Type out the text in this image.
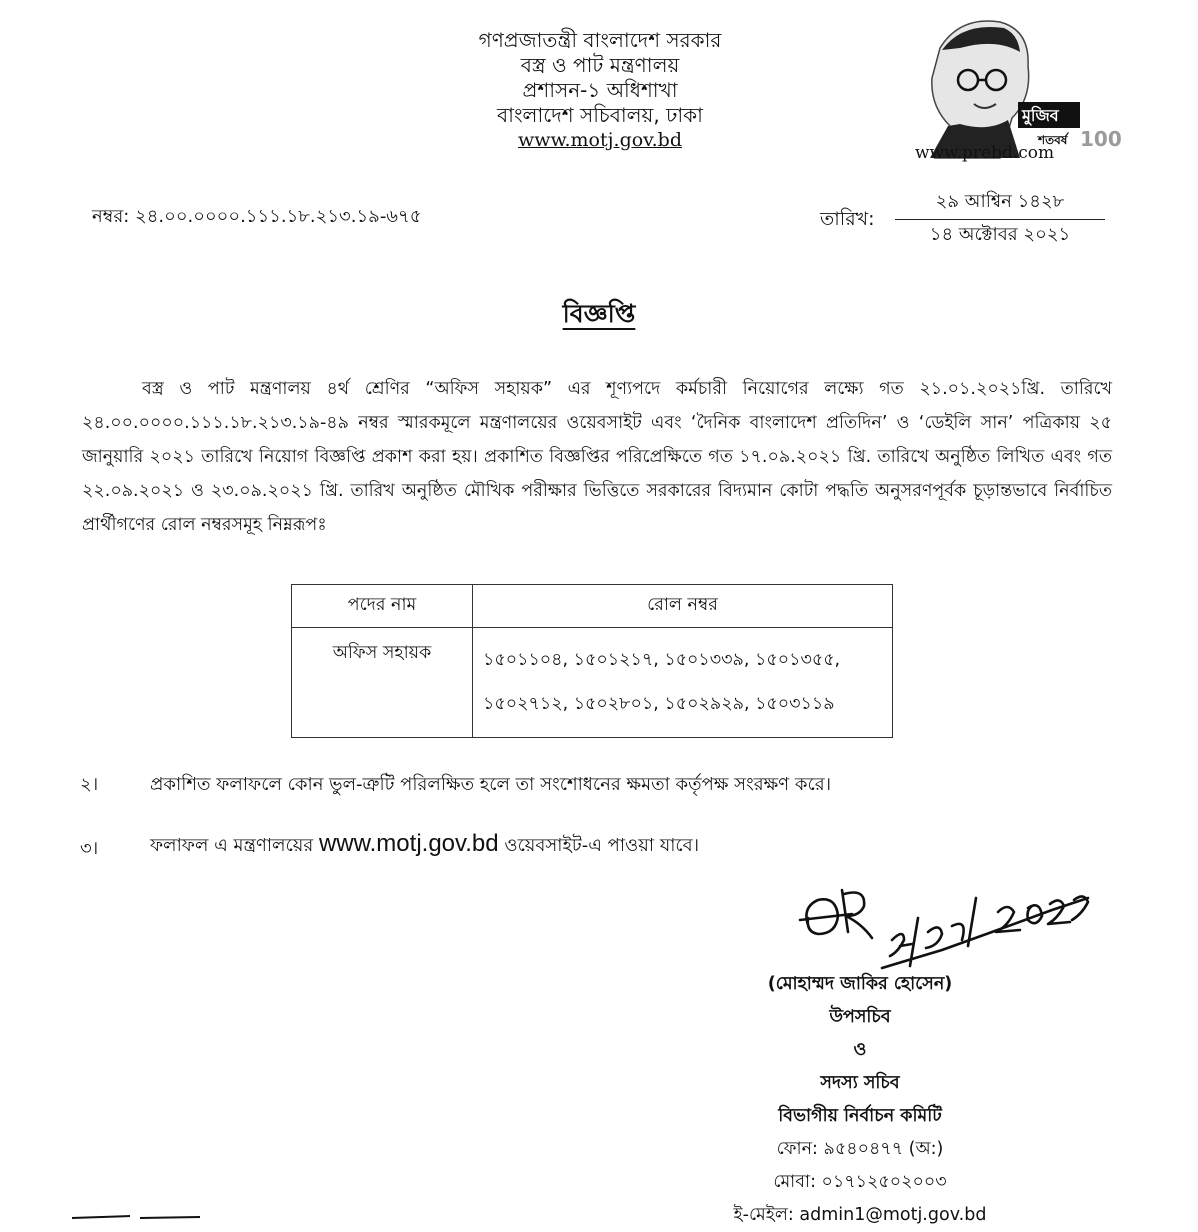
গণপ্রজাতন্ত্রী বাংলাদেশ সরকার
বস্ত্র ও পাট মন্ত্রণালয়
প্রশাসন-১ অধিশাখা
বাংলাদেশ সচিবালয়, ঢাকা
www.motj.gov.bd
মুজিব
শতবর্ষ 100
www.prebd.com
নম্বর: ২৪.০০.০০০০.১১১.১৮.২১৩.১৯-৬৭৫	তারিখ:
২৯ আশ্বিন ১৪২৮
১৪ অক্টোবর ২০২১
বিজ্ঞপ্তি
বস্ত্র ও পাট মন্ত্রণালয় ৪র্থ শ্রেণির “অফিস সহায়ক” এর শূণ্যপদে কর্মচারী নিয়োগের লক্ষ্যে গত ২১.০১.২০২১খ্রি. তারিখে ২৪.০০.০০০০.১১১.১৮.২১৩.১৯-৪৯ নম্বর স্মারকমূলে মন্ত্রণালয়ের ওয়েবসাইট এবং ‘দৈনিক বাংলাদেশ প্রতিদিন’ ও ‘ডেইলি সান’ পত্রিকায় ২৫ জানুয়ারি ২০২১ তারিখে নিয়োগ বিজ্ঞপ্তি প্রকাশ করা হয়। প্রকাশিত বিজ্ঞপ্তির পরিপ্রেক্ষিতে গত ১৭.০৯.২০২১ খ্রি. তারিখে অনুষ্ঠিত লিখিত এবং গত ২২.০৯.২০২১ ও ২৩.০৯.২০২১ খ্রি. তারিখ অনুষ্ঠিত মৌখিক পরীক্ষার ভিত্তিতে সরকারের বিদ্যমান কোটা পদ্ধতি অনুসরণপূর্বক চূড়ান্তভাবে নির্বাচিত প্রার্থীগণের রোল নম্বরসমূহ নিম্নরূপঃ
পদের নাম	রোল নম্বর
অফিস সহায়ক	১৫০১১০৪, ১৫০১২১৭, ১৫০১৩৩৯, ১৫০১৩৫৫,
১৫০২৭১২, ১৫০২৮০১, ১৫০২৯২৯, ১৫০৩১১৯
২।	প্রকাশিত ফলাফলে কোন ভুল-ত্রুটি পরিলক্ষিত হলে তা সংশোধনের ক্ষমতা কর্তৃপক্ষ সংরক্ষণ করে।
৩।	ফলাফল এ মন্ত্রণালয়ের www.motj.gov.bd ওয়েবসাইট-এ পাওয়া যাবে।
(মোহাম্মদ জাকির হোসেন)
উপসচিব
ও
সদস্য সচিব
বিভাগীয় নির্বাচন কমিটি
ফোন: ৯৫৪০৪৭৭ (অ:)
মোবা: ০১৭১২৫০২০০৩
ই-মেইল: admin1@motj.gov.bd
